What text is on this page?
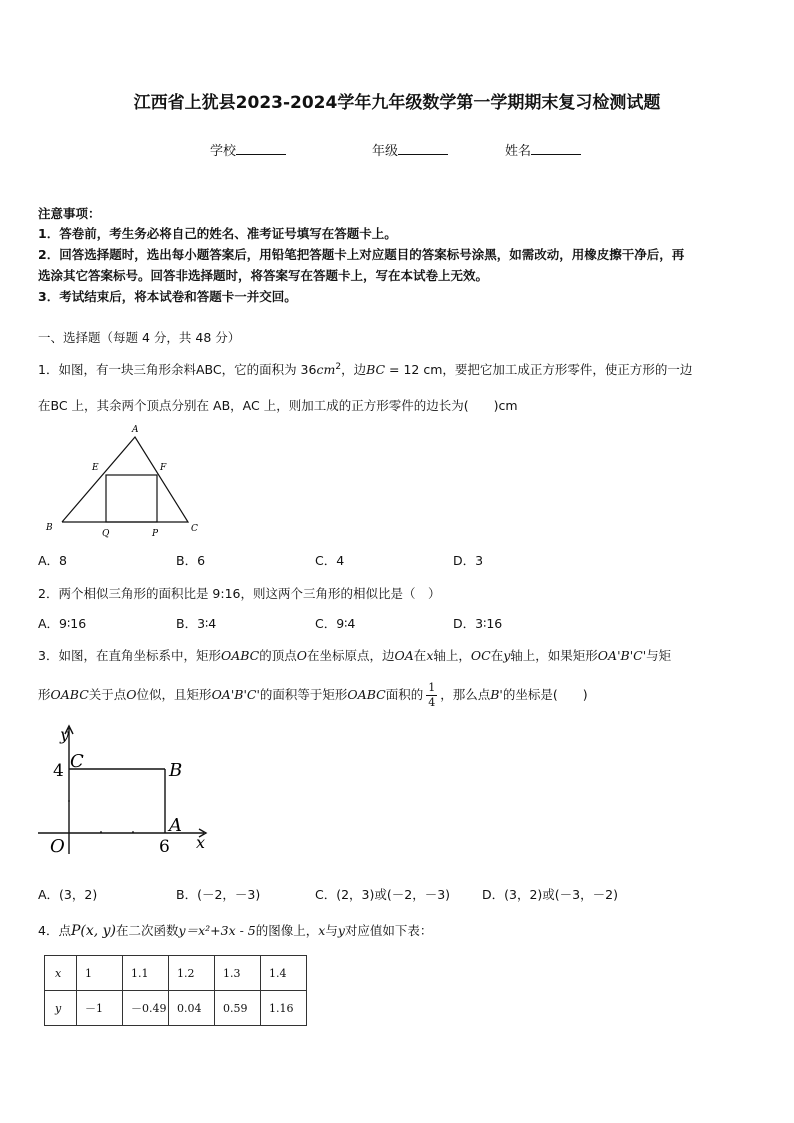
江西省上犹县2023-2024学年九年级数学第一学期期末复习检测试题
学校	年级	姓名
注意事项：
1．答卷前，考生务必将自己的姓名、准考证号填写在答题卡上。
2．回答选择题时，选出每小题答案后，用铅笔把答题卡上对应题目的答案标号涂黑，如需改动，用橡皮擦干净后，再
选涂其它答案标号。回答非选择题时，将答案写在答题卡上，写在本试卷上无效。
3．考试结束后，将本试卷和答题卡一并交回。
一、选择题（每题 4 分，共 48 分）
1．如图，有一块三角形余料ABC，它的面积为 $36cm^2$，边BC = 12 cm，要把它加工成正方形零件，使正方形的一边
在BC 上，其余两个顶点分别在 AB，AC 上，则加工成的正方形零件的边长为(　　)cm
A
E	F
B
Q	P	C
A．8	B．6	C．4	D．3
2．两个相似三角形的面积比是 9:16，则这两个三角形的相似比是（　）
A．9∶16	B．3∶4	C．9∶4	D．3∶16
3．如图，在直角坐标系中，矩形OABC的顶点O在坐标原点，边OA在x轴上，OC在y轴上，如果矩形OA'B'C'与矩
形OABC关于点O位似，且矩形OA'B'C'的面积等于矩形OABC面积的 $\frac{1}{4}$ ，那么点B'的坐标是(　　)
y
x
O
C	B
A
4
6
A．(3，2)	B．(－2，－3)	C．(2，3)或(－2，－3)	D．(3，2)或(－3，－2)
4．点P(x, y)在二次函数y＝x²+3x - 5的图像上，x与y对应值如下表：
x	1	1.1	1.2	1.3	1.4
y	－1	－0.49	0.04	0.59	1.16
